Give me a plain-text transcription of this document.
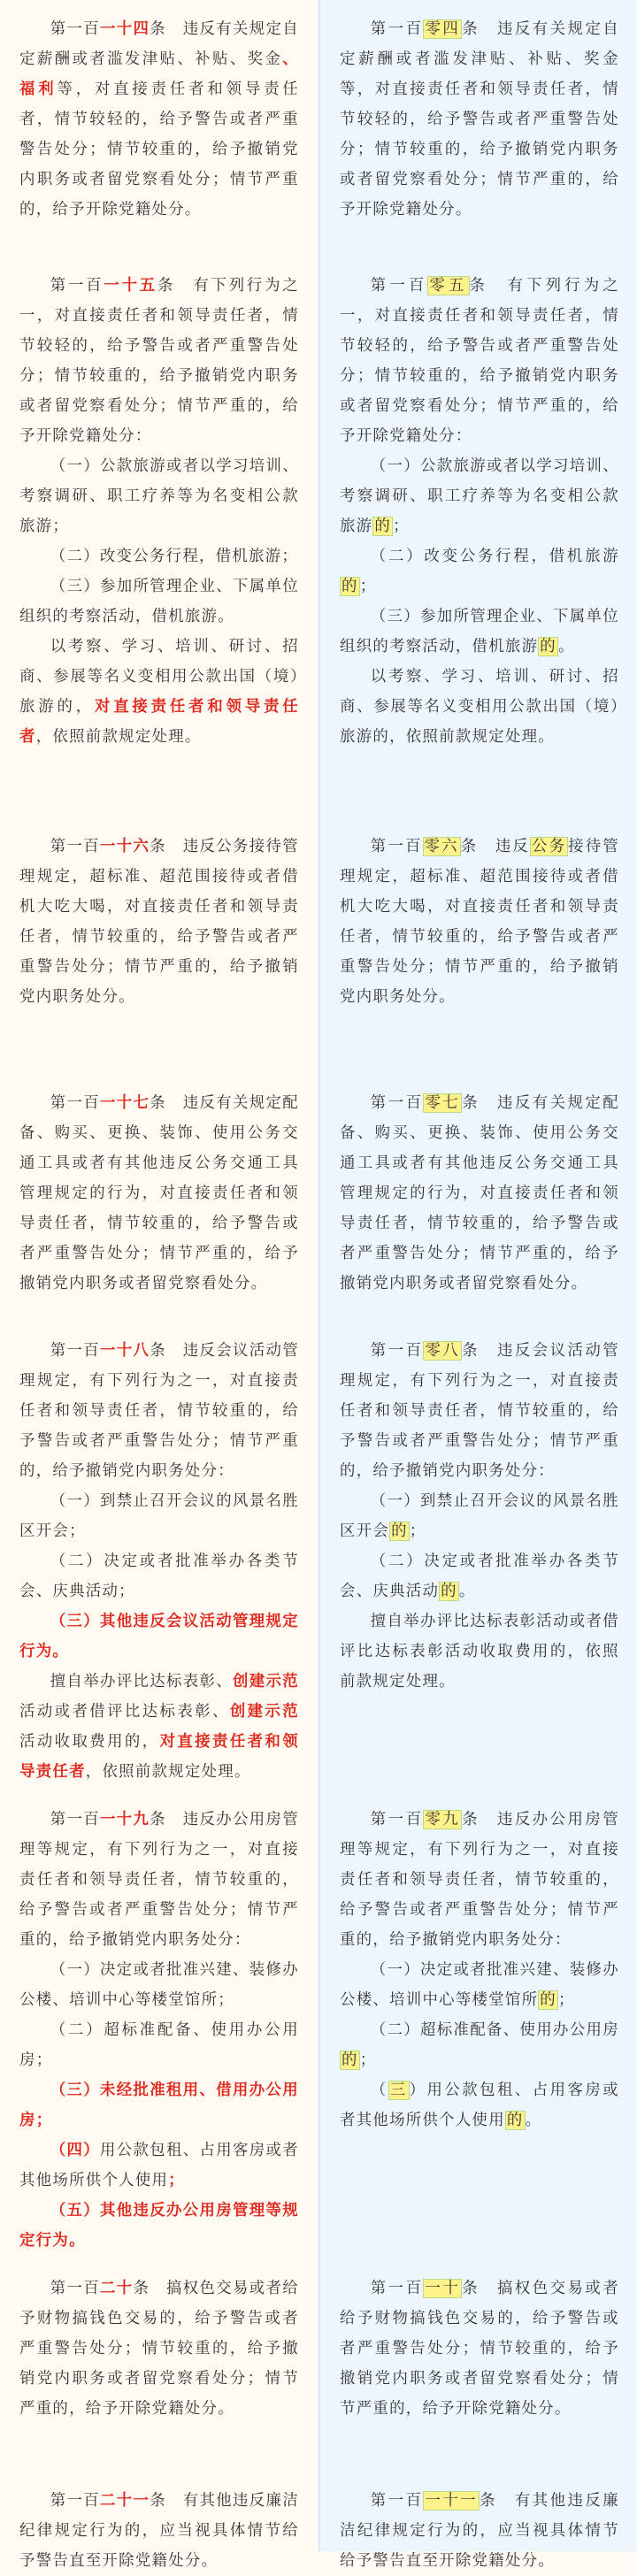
第一百一十四条　违反有关规定自定薪酬或者滥发津贴、补贴、奖金、福利等，对直接责任者和领导责任者，情节较轻的，给予警告或者严重警告处分；情节较重的，给予撤销党内职务或者留党察看处分；情节严重的，给予开除党籍处分。

第一百一十五条　有下列行为之一，对直接责任者和领导责任者，情节较轻的，给予警告或者严重警告处分；情节较重的，给予撤销党内职务或者留党察看处分；情节严重的，给予开除党籍处分：

（一）公款旅游或者以学习培训、考察调研、职工疗养等为名变相公款旅游；

（二）改变公务行程，借机旅游；

（三）参加所管理企业、下属单位组织的考察活动，借机旅游。

以考察、学习、培训、研讨、招商、参展等名义变相用公款出国（境）旅游的，对直接责任者和领导责任者，依照前款规定处理。

第一百一十六条　违反公务接待管理规定，超标准、超范围接待或者借机大吃大喝，对直接责任者和领导责任者，情节较重的，给予警告或者严重警告处分；情节严重的，给予撤销党内职务处分。

第一百一十七条　违反有关规定配备、购买、更换、装饰、使用公务交通工具或者有其他违反公务交通工具管理规定的行为，对直接责任者和领导责任者，情节较重的，给予警告或者严重警告处分；情节严重的，给予撤销党内职务或者留党察看处分。

第一百一十八条　违反会议活动管理规定，有下列行为之一，对直接责任者和领导责任者，情节较重的，给予警告或者严重警告处分；情节严重的，给予撤销党内职务处分：

（一）到禁止召开会议的风景名胜区开会；

（二）决定或者批准举办各类节会、庆典活动；

（三）其他违反会议活动管理规定行为。

擅自举办评比达标表彰、创建示范活动或者借评比达标表彰、创建示范活动收取费用的，对直接责任者和领导责任者，依照前款规定处理。

第一百一十九条　违反办公用房管理等规定，有下列行为之一，对直接责任者和领导责任者，情节较重的，给予警告或者严重警告处分；情节严重的，给予撤销党内职务处分：

（一）决定或者批准兴建、装修办公楼、培训中心等楼堂馆所；

（二）超标准配备、使用办公用房；

（三）未经批准租用、借用办公用房；

（四）用公款包租、占用客房或者其他场所供个人使用；

（五）其他违反办公用房管理等规定行为。

第一百二十条　搞权色交易或者给予财物搞钱色交易的，给予警告或者严重警告处分；情节较重的，给予撤销党内职务或者留党察看处分；情节严重的，给予开除党籍处分。

第一百二十一条　有其他违反廉洁纪律规定行为的，应当视具体情节给予警告直至开除党籍处分。

第一百 零四 条　违反有关规定自定薪酬或者滥发津贴、补贴、奖金等，对直接责任者和领导责任者，情节较轻的，给予警告或者严重警告处分；情节较重的，给予撤销党内职务或者留党察看处分；情节严重的，给予开除党籍处分。

第一百 零五 条　有下列行为之一，对直接责任者和领导责任者，情节较轻的，给予警告或者严重警告处分；情节较重的，给予撤销党内职务或者留党察看处分；情节严重的，给予开除党籍处分：

（一）公款旅游或者以学习培训、考察调研、职工疗养等为名变相公款旅游 的 ；

（二）改变公务行程，借机旅游的 ；

（三）参加所管理企业、下属单位组织的考察活动，借机旅游 的 。

以考察、学习、培训、研讨、招商、参展等名义变相用公款出国（境）旅游的，依照前款规定处理。

第一百 零六 条　违反 公务 接待管理规定，超标准、超范围接待或者借机大吃大喝，对直接责任者和领导责任者，情节较重的，给予警告或者严重警告处分；情节严重的，给予撤销党内职务处分。

第一百 零七 条　违反有关规定配备、购买、更换、装饰、使用公务交通工具或者有其他违反公务交通工具管理规定的行为，对直接责任者和领导责任者，情节较重的，给予警告或者严重警告处分；情节严重的，给予撤销党内职务或者留党察看处分。

第一百 零八 条　违反会议活动管理规定，有下列行为之一，对直接责任者和领导责任者，情节较重的，给予警告或者严重警告处分；情节严重的，给予撤销党内职务处分：

（一）到禁止召开会议的风景名胜区开会 的 ；

（二）决定或者批准举办各类节会、庆典活动 的 。

擅自举办评比达标表彰活动或者借评比达标表彰活动收取费用的，依照前款规定处理。

第一百 零九 条　违反办公用房管理等规定，有下列行为之一，对直接责任者和领导责任者，情节较重的，给予警告或者严重警告处分；情节严重的，给予撤销党内职务处分：

（一）决定或者批准兴建、装修办公楼、培训中心等楼堂馆所 的 ；

（二）超标准配备、使用办公用房的 ；

（ 三 ）用公款包租、占用客房或者其他场所供个人使用 的 。

第一百 一十 条　搞权色交易或者给予财物搞钱色交易的，给予警告或者严重警告处分；情节较重的，给予撤销党内职务或者留党察看处分；情节严重的，给予开除党籍处分。

第一百 一十一 条　有其他违反廉洁纪律规定行为的，应当视具体情节给予警告直至开除党籍处分。
